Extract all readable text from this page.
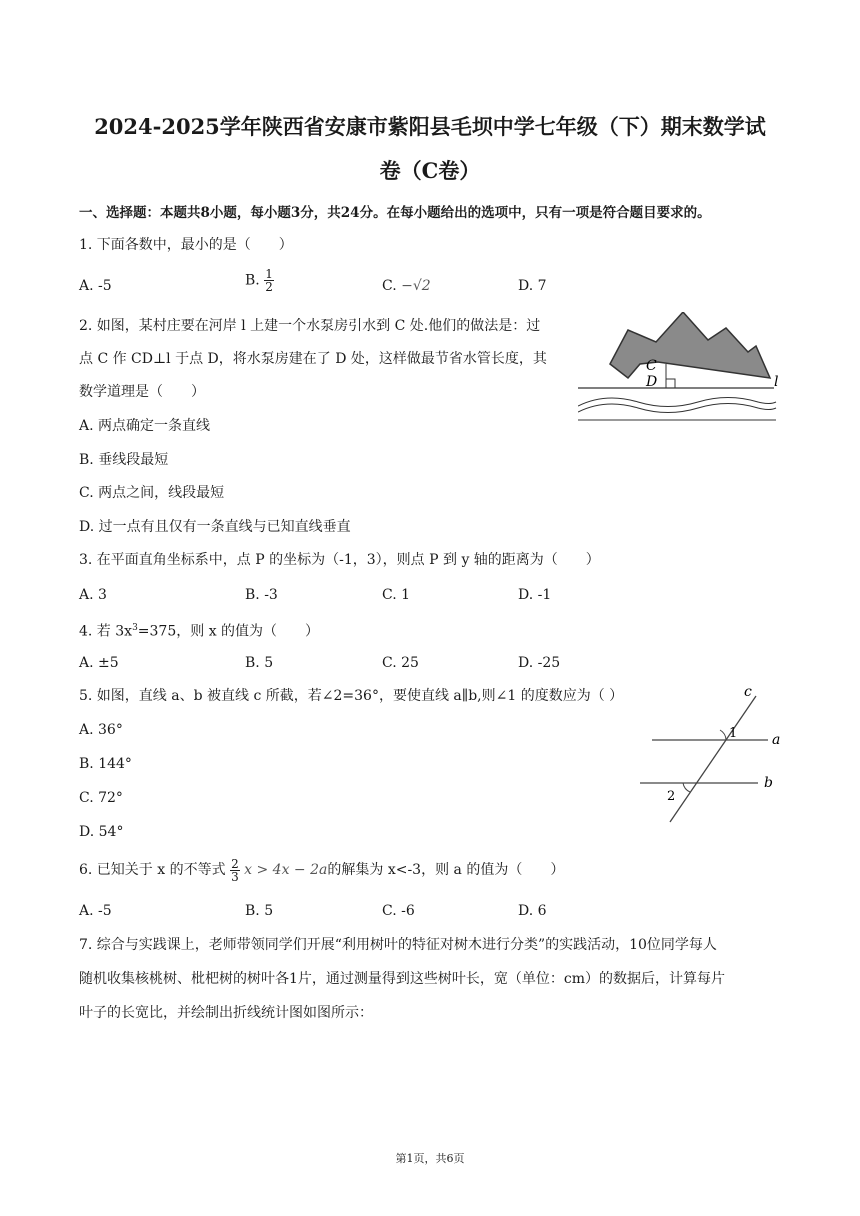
2024-2025学年陕西省安康市紫阳县毛坝中学七年级（下）期末数学试
卷（C卷）
一、选择题：本题共8小题，每小题3分，共24分。在每小题给出的选项中，只有一项是符合题目要求的。
1. 下面各数中，最小的是（　　）
A. -5	B. $\frac{1}{2}$	C. −√2	D. 7
2. 如图，某村庄要在河岸 l 上建一个水泵房引水到 C 处.他们的做法是：过
点 C 作 CD⊥l 于点 D，将水泵房建在了 D 处，这样做最节省水管长度，其
数学道理是（　　）
A. 两点确定一条直线
B. 垂线段最短
C. 两点之间，线段最短
D. 过一点有且仅有一条直线与已知直线垂直
C
D	l
3. 在平面直角坐标系中，点 P 的坐标为（-1，3），则点 P 到 y 轴的距离为（　　）
A. 3	B. -3	C. 1	D. -1
4. 若 $3x^3=375$，则 x 的值为（　　）
A. ±5	B. 5	C. 25	D. -25
5. 如图，直线 a、b 被直线 c 所截，若∠2=36°，要使直线 a∥b,则∠1 的度数应为（ ）
A. 36°
B. 144°
C. 72°
D. 54°
c
1 a
b
2
6. 已知关于 x 的不等式 $\frac{2}{3}$ x > 4x − 2a的解集为 x<-3，则 a 的值为（　　）
A. -5	B. 5	C. -6	D. 6
7. 综合与实践课上，老师带领同学们开展“利用树叶的特征对树木进行分类”的实践活动，10位同学每人
随机收集核桃树、枇杷树的树叶各1片，通过测量得到这些树叶长，宽（单位：cm）的数据后，计算每片
叶子的长宽比，并绘制出折线统计图如图所示：
第1页，共6页
